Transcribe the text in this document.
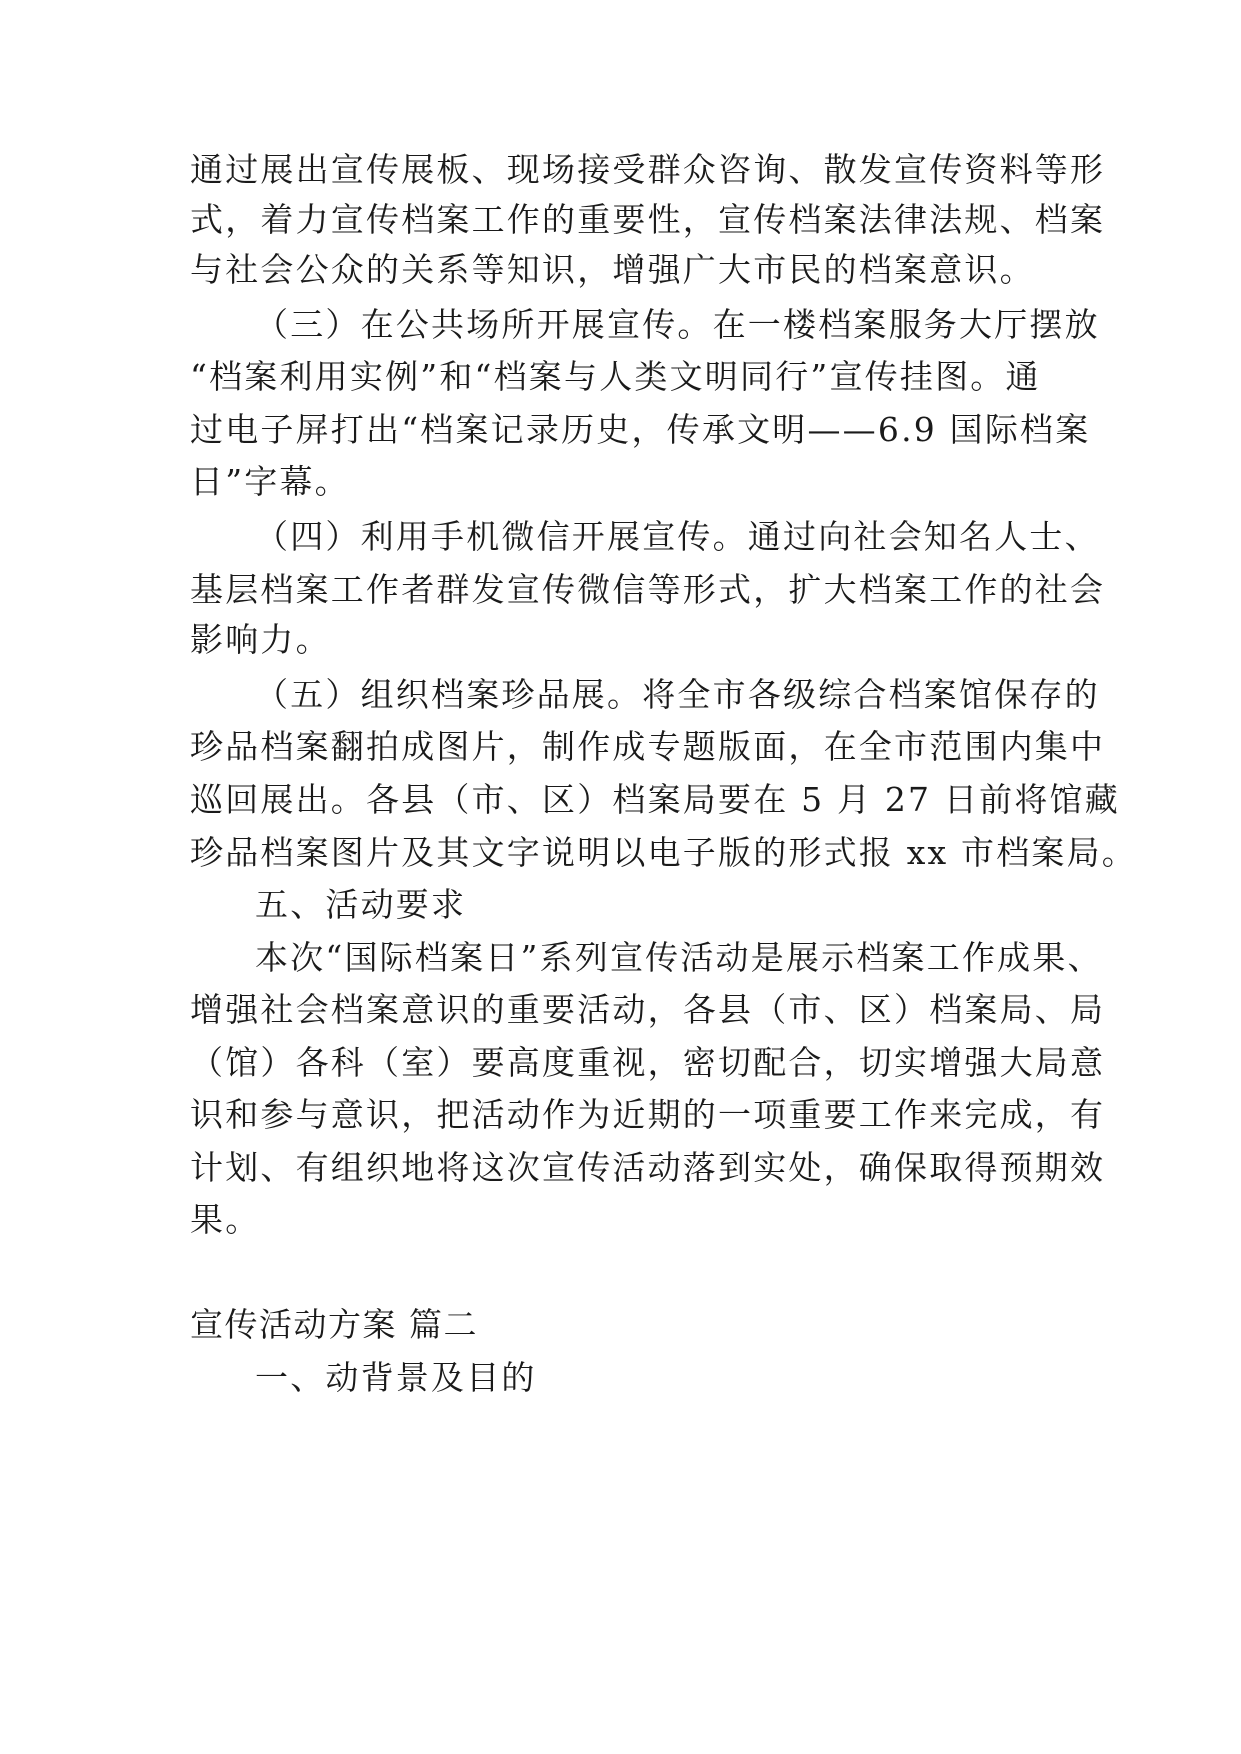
通过展出宣传展板、现场接受群众咨询、散发宣传资料等形
式，着力宣传档案工作的重要性，宣传档案法律法规、档案
与社会公众的关系等知识，增强广大市民的档案意识。
（三）在公共场所开展宣传。在一楼档案服务大厅摆放
“档案利用实例”和“档案与人类文明同行”宣传挂图。通
过电子屏打出“档案记录历史，传承文明——6.9 国际档案
日”字幕。
（四）利用手机微信开展宣传。通过向社会知名人士、
基层档案工作者群发宣传微信等形式，扩大档案工作的社会
影响力。
（五）组织档案珍品展。将全市各级综合档案馆保存的
珍品档案翻拍成图片，制作成专题版面，在全市范围内集中
巡回展出。各县（市、区）档案局要在 5 月 27 日前将馆藏
珍品档案图片及其文字说明以电子版的形式报 xx 市档案局。
五、活动要求
本次“国际档案日”系列宣传活动是展示档案工作成果、
增强社会档案意识的重要活动，各县（市、区）档案局、局
（馆）各科（室）要高度重视，密切配合，切实增强大局意
识和参与意识，把活动作为近期的一项重要工作来完成，有
计划、有组织地将这次宣传活动落到实处，确保取得预期效
果。
宣传活动方案 篇二
一、动背景及目的
